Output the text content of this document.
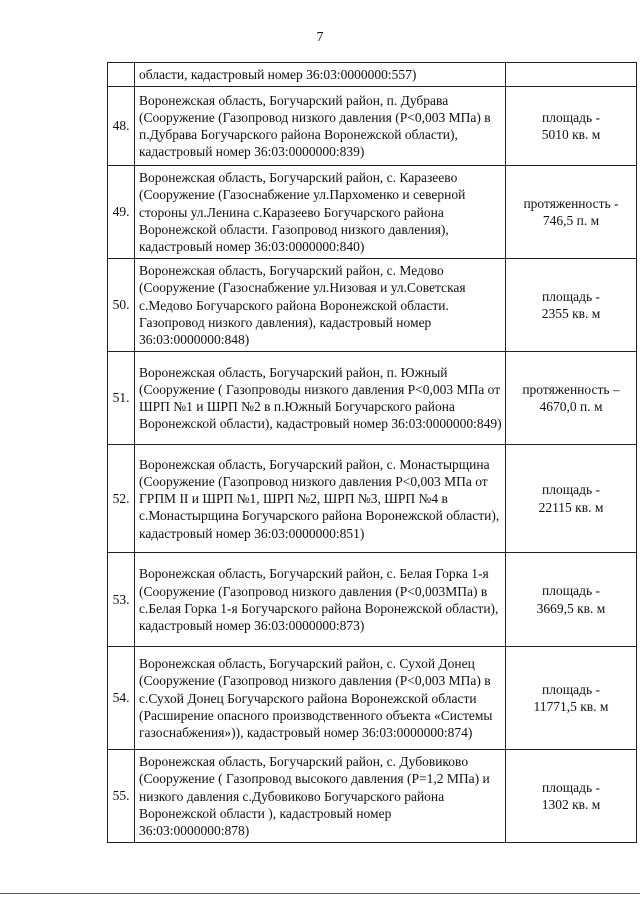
7
	области, кадастровый номер 36:03:0000000:557)	

48.	Воронежская область, Богучарский район, п. Дубрава (Сооружение (Газопровод низкого давления (Р<0,003 МПа) в п.Дубрава Богучарского района Воронежской области), кадастровый номер 36:03:0000000:839)	площадь -
5010 кв. м

49.	Воронежская область, Богучарский район, с. Каразеево (Сооружение (Газоснабжение ул.Пархоменко и северной стороны ул.Ленина с.Каразеево Богучарского района Воронежской области. Газопровод низкого давления), кадастровый номер 36:03:0000000:840)	протяженность -
746,5 п. м

50.	Воронежская область, Богучарский район, с. Медово (Сооружение (Газоснабжение ул.Низовая и ул.Советская с.Медово Богучарского района Воронежской области. Газопровод низкого давления), кадастровый номер 36:03:0000000:848)	площадь -
2355 кв. м

51.	Воронежская область, Богучарский район, п. Южный (Сооружение ( Газопроводы низкого давления Р<0,003 МПа от ШРП №1 и ШРП №2 в п.Южный Богучарского района Воронежской области), кадастровый номер 36:03:0000000:849)	протяженность –
4670,0 п. м

52.	Воронежская область, Богучарский район, с. Монастырщина (Сооружение (Газопровод низкого давления Р<0,003 МПа от ГРПМ II и ШРП №1, ШРП №2, ШРП №3, ШРП №4 в с.Монастырщина Богучарского района Воронежской области), кадастровый номер 36:03:0000000:851)	площадь -
22115 кв. м

53.	Воронежская область, Богучарский район, с. Белая Горка 1-я (Сооружение (Газопровод низкого давления (Р<0,003МПа) в с.Белая Горка 1-я Богучарского района Воронежской области), кадастровый номер 36:03:0000000:873)	площадь -
3669,5 кв. м

54.	Воронежская область, Богучарский район, с. Сухой Донец (Сооружение (Газопровод низкого давления (Р<0,003 МПа) в с.Сухой Донец Богучарского района Воронежской области (Расширение опасного производственного объекта «Системы газоснабжения»)), кадастровый номер 36:03:0000000:874)	площадь -
11771,5 кв. м

55.	Воронежская область, Богучарский район, с. Дубовиково (Сооружение ( Газопровод высокого давления (Р=1,2 МПа) и низкого давления с.Дубовиково Богучарского района Воронежской области ), кадастровый номер 36:03:0000000:878)	площадь -
1302 кв. м
